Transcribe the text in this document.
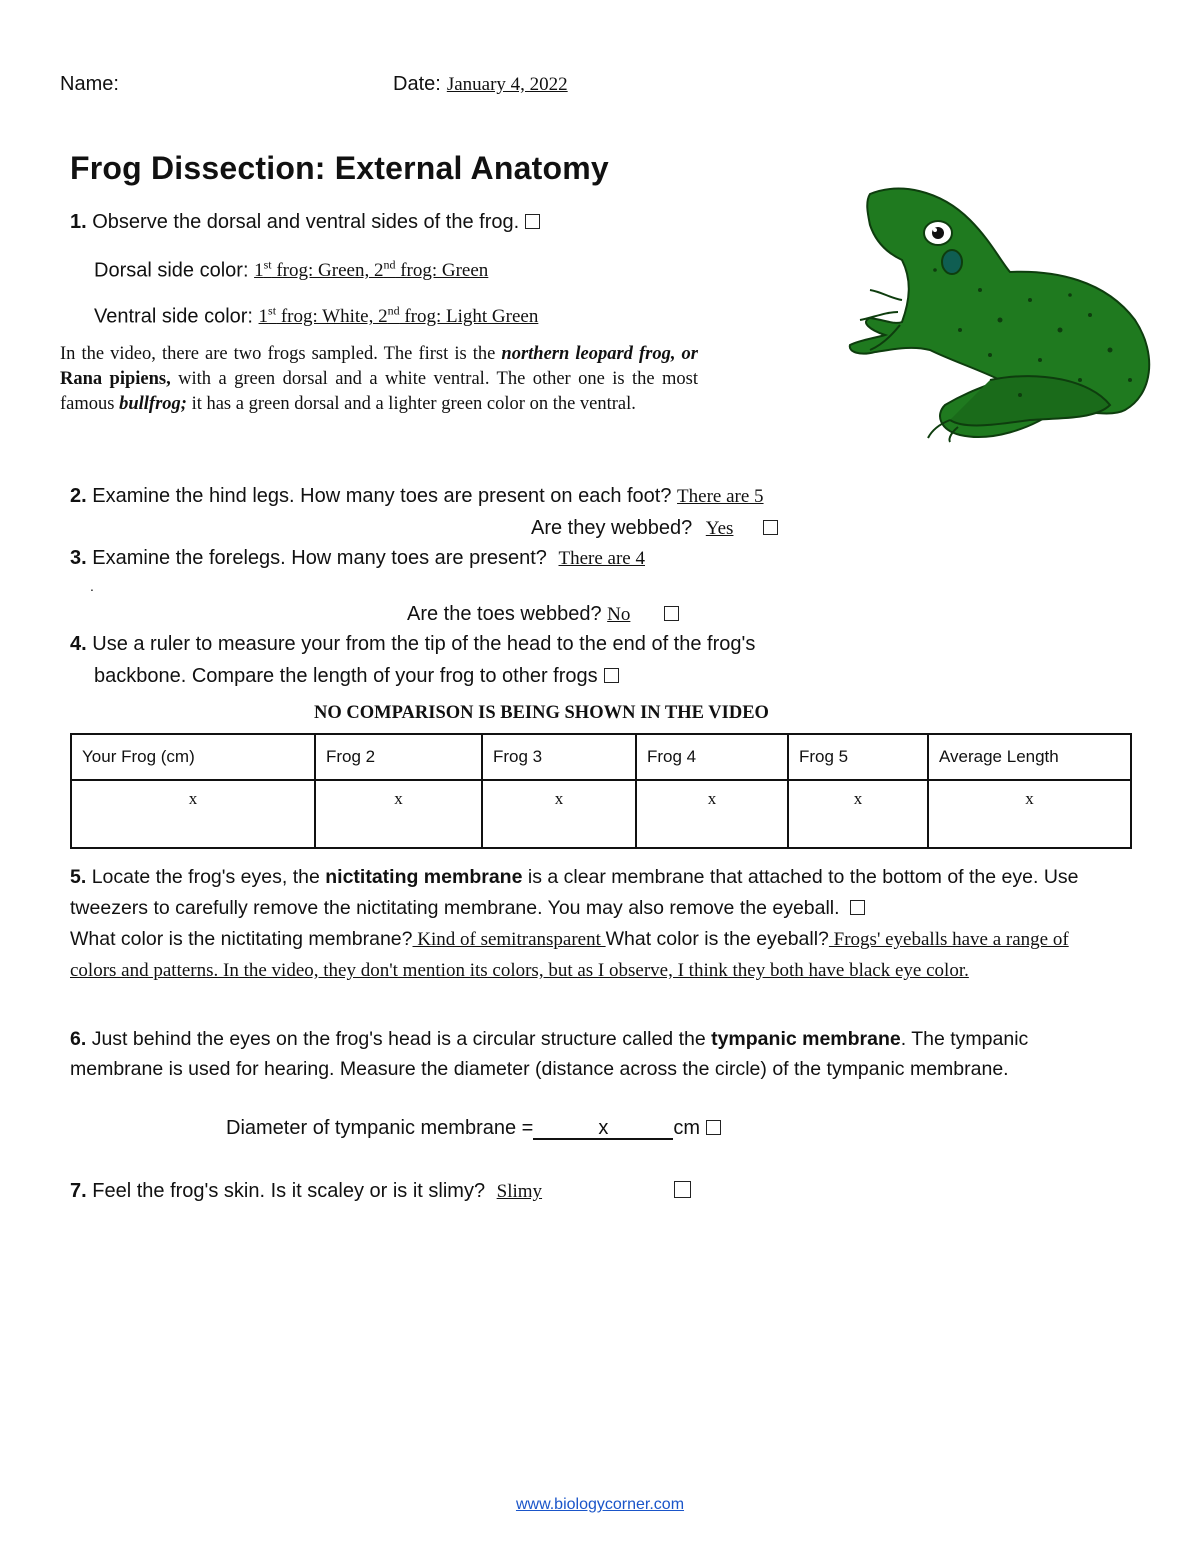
Name:	Date: January 4, 2022
Frog Dissection: External Anatomy
1. Observe the dorsal and ventral sides of the frog.
Dorsal side color: 1st frog: Green, 2nd frog: Green
Ventral side color: 1st frog: White, 2nd frog: Light Green
In the video, there are two frogs sampled. The first is the northern leopard frog, or Rana pipiens, with a green dorsal and a white ventral. The other one is the most famous bullfrog; it has a green dorsal and a lighter green color on the ventral.
2. Examine the hind legs. How many toes are present on each foot? There are 5
Are they webbed? Yes
3. Examine the forelegs. How many toes are present? There are 4
.
Are the toes webbed? No
4. Use a ruler to measure your from the tip of the head to the end of the frog's
backbone. Compare the length of your frog to other frogs
NO COMPARISON IS BEING SHOWN IN THE VIDEO
Your Frog (cm)	Frog 2	Frog 3	Frog 4	Frog 5	Average Length
x	x	x	x	x	x
5. Locate the frog's eyes, the nictitating membrane is a clear membrane that attached to the bottom of the eye. Use tweezers to carefully remove the nictitating membrane. You may also remove the eyeball.
What color is the nictitating membrane? Kind of semitransparent What color is the eyeball? Frogs' eyeballs have a range of colors and patterns. In the video, they don't mention its colors, but as I observe, I think they both have black eye color.
6. Just behind the eyes on the frog's head is a circular structure called the tympanic membrane. The tympanic membrane is used for hearing. Measure the diameter (distance across the circle) of the tympanic membrane.
Diameter of tympanic membrane =	x	cm
7. Feel the frog's skin. Is it scaley or is it slimy? Slimy
www.biologycorner.com
